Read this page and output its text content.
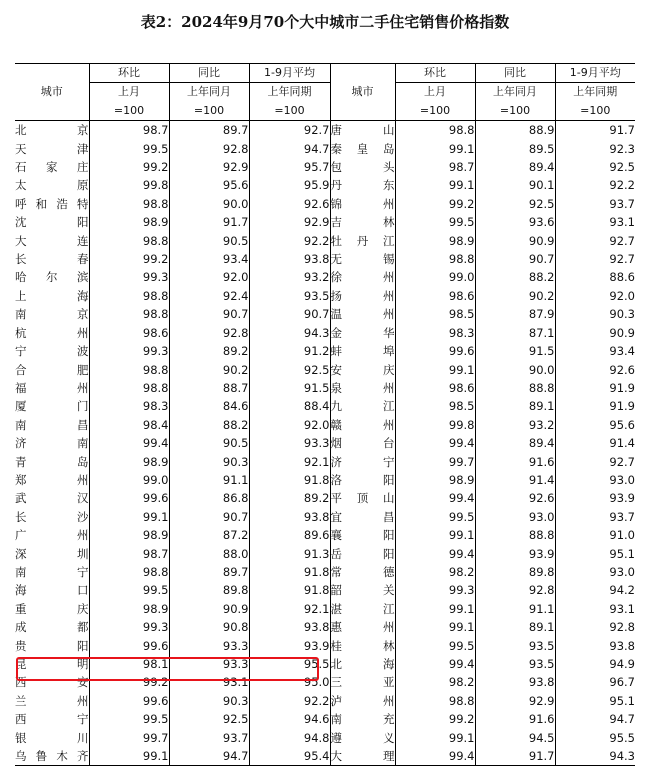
表2：2024年9月70个大中城市二手住宅销售价格指数
城市	环比	同比	1-9月平均	城市	环比	同比	1-9月平均
	上月	上年同月	上年同期		上月	上年同月	上年同期
	=100	=100	=100		=100	=100	=100
北京	98.7	89.7	92.7	唐山	98.8	88.9	91.7
天津	99.5	92.8	94.7	秦皇岛	99.1	89.5	92.3
石家庄	99.2	92.9	95.7	包头	98.7	89.4	92.5
太原	99.8	95.6	95.9	丹东	99.1	90.1	92.2
呼和浩特	98.8	90.0	92.6	锦州	99.2	92.5	93.7
沈阳	98.9	91.7	92.9	吉林	99.5	93.6	93.1
大连	98.8	90.5	92.2	牡丹江	98.9	90.9	92.7
长春	99.2	93.4	93.8	无锡	98.8	90.7	92.7
哈尔滨	99.3	92.0	93.2	徐州	99.0	88.2	88.6
上海	98.8	92.4	93.5	扬州	98.6	90.2	92.0
南京	98.8	90.7	90.7	温州	98.5	87.9	90.3
杭州	98.6	92.8	94.3	金华	98.3	87.1	90.9
宁波	99.3	89.2	91.2	蚌埠	99.6	91.5	93.4
合肥	98.8	90.2	92.5	安庆	99.1	90.0	92.6
福州	98.8	88.7	91.5	泉州	98.6	88.8	91.9
厦门	98.3	84.6	88.4	九江	98.5	89.1	91.9
南昌	98.4	88.2	92.0	赣州	99.8	93.2	95.6
济南	99.4	90.5	93.3	烟台	99.4	89.4	91.4
青岛	98.9	90.3	92.1	济宁	99.7	91.6	92.7
郑州	99.0	91.1	91.8	洛阳	98.9	91.4	93.0
武汉	99.6	86.8	89.2	平顶山	99.4	92.6	93.9
长沙	99.1	90.7	93.8	宜昌	99.5	93.0	93.7
广州	98.9	87.2	89.6	襄阳	99.1	88.8	91.0
深圳	98.7	88.0	91.3	岳阳	99.4	93.9	95.1
南宁	98.8	89.7	91.8	常德	98.2	89.8	93.0
海口	99.5	89.8	91.8	韶关	99.3	92.8	94.2
重庆	98.9	90.9	92.1	湛江	99.1	91.1	93.1
成都	99.3	90.8	93.8	惠州	99.1	89.1	92.8
贵阳	99.6	93.3	93.9	桂林	99.5	93.5	93.8
昆明	98.1	93.3	95.5	北海	99.4	93.5	94.9
西安	99.2	93.1	95.0	三亚	98.2	93.8	96.7
兰州	99.6	90.3	92.2	泸州	98.8	92.9	95.1
西宁	99.5	92.5	94.6	南充	99.2	91.6	94.7
银川	99.7	93.7	94.8	遵义	99.1	94.5	95.5
乌鲁木齐	99.1	94.7	95.4	大理	99.4	91.7	94.3
